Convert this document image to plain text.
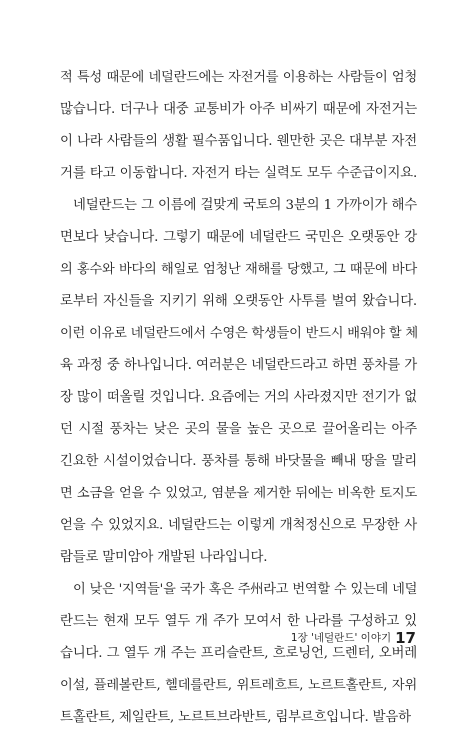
적 특성 때문에 네덜란드에는 자전거를 이용하는 사람들이 엄청
많습니다. 더구나 대중 교통비가 아주 비싸기 때문에 자전거는
이 나라 사람들의 생활 필수품입니다. 웬만한 곳은 대부분 자전
거를 타고 이동합니다. 자전거 타는 실력도 모두 수준급이지요.
네덜란드는 그 이름에 걸맞게 국토의 3분의 1 가까이가 해수
면보다 낮습니다. 그렇기 때문에 네덜란드 국민은 오랫동안 강
의 홍수와 바다의 해일로 엄청난 재해를 당했고, 그 때문에 바다
로부터 자신들을 지키기 위해 오랫동안 사투를 벌여 왔습니다.
이런 이유로 네덜란드에서 수영은 학생들이 반드시 배워야 할 체
육 과정 중 하나입니다. 여러분은 네덜란드라고 하면 풍차를 가
장 많이 떠올릴 것입니다. 요즘에는 거의 사라졌지만 전기가 없
던 시절 풍차는 낮은 곳의 물을 높은 곳으로 끌어올리는 아주
긴요한 시설이었습니다. 풍차를 통해 바닷물을 빼내 땅을 말리
면 소금을 얻을 수 있었고, 염분을 제거한 뒤에는 비옥한 토지도
얻을 수 있었지요. 네덜란드는 이렇게 개척정신으로 무장한 사
람들로 말미암아 개발된 나라입니다.
이 낮은 '지역들'을 국가 혹은 주州라고 번역할 수 있는데 네덜
란드는 현재 모두 열두 개 주가 모여서 한 나라를 구성하고 있
습니다. 그 열두 개 주는 프리슬란트, 흐로닝언, 드렌터, 오버레
이설, 플레볼란트, 헬데를란트, 위트레흐트, 노르트홀란트, 자위
트홀란트, 제일란트, 노르트브라반트, 림부르흐입니다. 발음하
1장 '네덜란드' 이야기 17
